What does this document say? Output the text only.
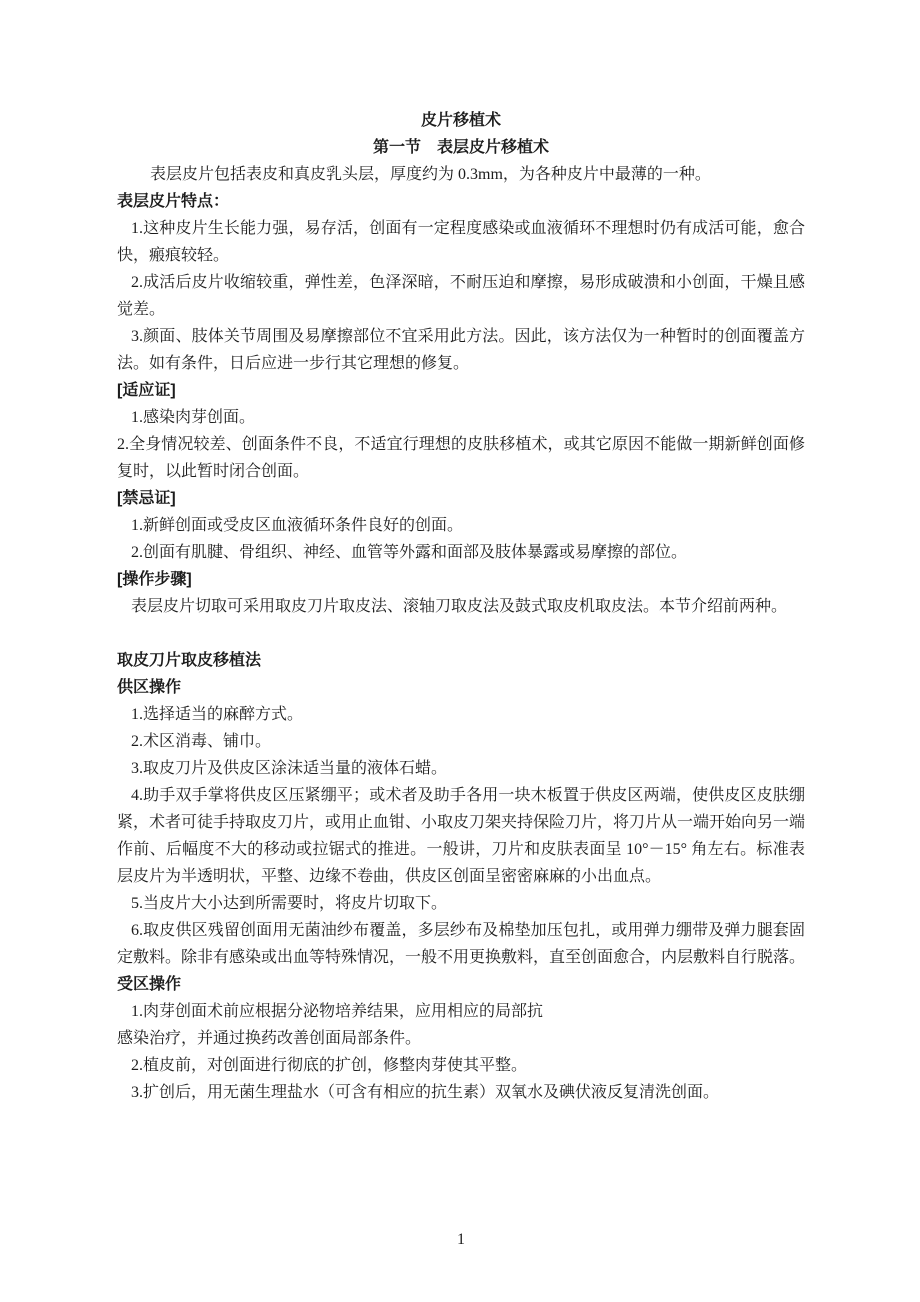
皮片移植术

第一节　表层皮片移植术

表层皮片包括表皮和真皮乳头层，厚度约为 0.3mm，为各种皮片中最薄的一种。

表层皮片特点：

1.这种皮片生长能力强，易存活，创面有一定程度感染或血液循环不理想时仍有成活可能，愈合快，瘢痕较轻。

2.成活后皮片收缩较重，弹性差，色泽深暗，不耐压迫和摩擦，易形成破溃和小创面，干燥且感觉差。

3.颜面、肢体关节周围及易摩擦部位不宜采用此方法。因此，该方法仅为一种暂时的创面覆盖方法。如有条件，日后应进一步行其它理想的修复。

[适应证]

1.感染肉芽创面。

2.全身情况较差、创面条件不良，不适宜行理想的皮肤移植术，或其它原因不能做一期新鲜创面修复时，以此暂时闭合创面。

[禁忌证]

1.新鲜创面或受皮区血液循环条件良好的创面。

2.创面有肌腱、骨组织、神经、血管等外露和面部及肢体暴露或易摩擦的部位。

[操作步骤]

表层皮片切取可采用取皮刀片取皮法、滚轴刀取皮法及鼓式取皮机取皮法。本节介绍前两种。

取皮刀片取皮移植法

供区操作

1.选择适当的麻醉方式。

2.术区消毒、铺巾。

3.取皮刀片及供皮区涂沫适当量的液体石蜡。

4.助手双手掌将供皮区压紧绷平；或术者及助手各用一块木板置于供皮区两端，使供皮区皮肤绷紧，术者可徒手持取皮刀片，或用止血钳、小取皮刀架夹持保险刀片，将刀片从一端开始向另一端作前、后幅度不大的移动或拉锯式的推进。一般讲，刀片和皮肤表面呈 10°－15° 角左右。标准表层皮片为半透明状，平整、边缘不卷曲，供皮区创面呈密密麻麻的小出血点。

5.当皮片大小达到所需要时，将皮片切取下。

6.取皮供区残留创面用无菌油纱布覆盖，多层纱布及棉垫加压包扎，或用弹力绷带及弹力腿套固定敷料。除非有感染或出血等特殊情况，一般不用更换敷料，直至创面愈合，内层敷料自行脱落。

受区操作

1.肉芽创面术前应根据分泌物培养结果，应用相应的局部抗

感染治疗，并通过换药改善创面局部条件。

2.植皮前，对创面进行彻底的扩创，修整肉芽使其平整。

3.扩创后，用无菌生理盐水（可含有相应的抗生素）双氧水及碘伏液反复清洗创面。

1
